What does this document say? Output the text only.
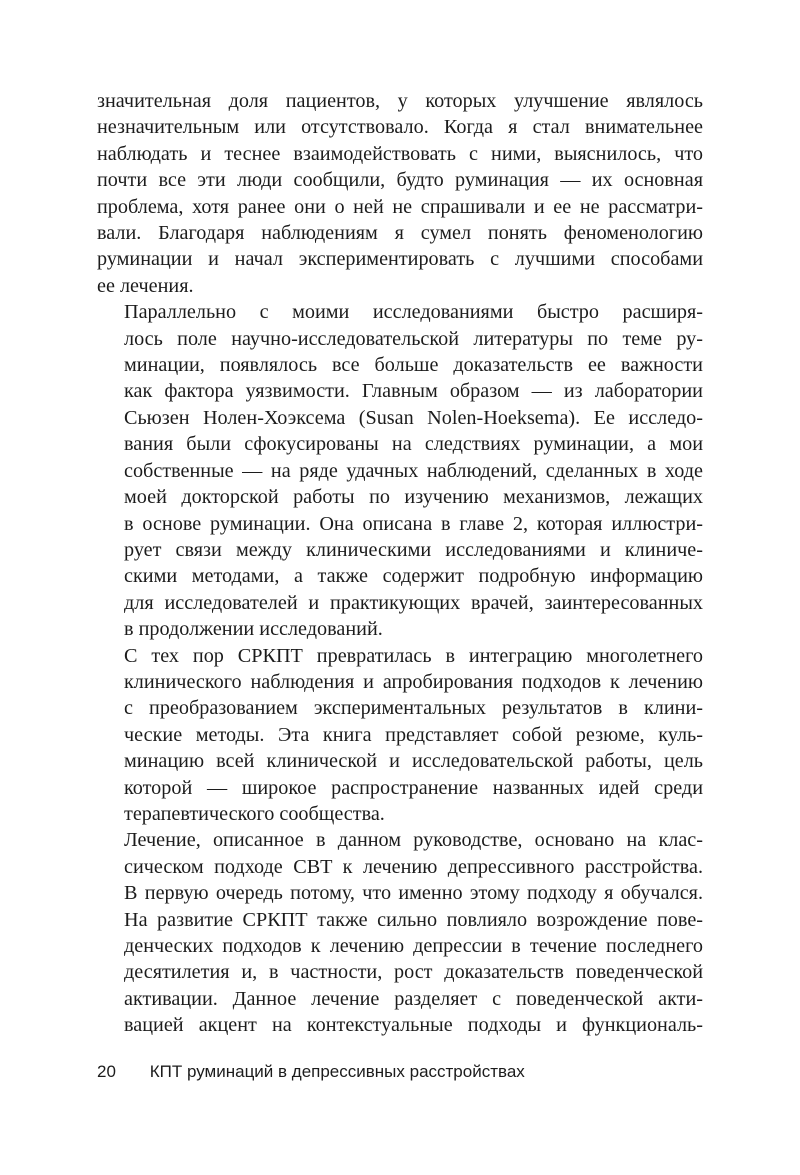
значительная доля пациентов, у которых улучшение являлось
незначительным или отсутствовало. Когда я стал внимательнее
наблюдать и теснее взаимодействовать с ними, выяснилось, что
почти все эти люди сообщили, будто руминация — их основная
проблема, хотя ранее они о ней не спрашивали и ее не рассматри-
вали. Благодаря наблюдениям я сумел понять феноменологию
руминации и начал экспериментировать с лучшими способами
ее лечения.

Параллельно с моими исследованиями быстро расширя-
лось поле научно-исследовательской литературы по теме ру-
минации, появлялось все больше доказательств ее важности
как фактора уязвимости. Главным образом — из лаборатории
Сьюзен Нолен-Хоэксема (Susan Nolen-Hoeksema). Ее исследо-
вания были сфокусированы на следствиях руминации, а мои
собственные — на ряде удачных наблюдений, сделанных в ходе
моей докторской работы по изучению механизмов, лежащих
в основе руминации. Она описана в главе 2, которая иллюстри-
рует связи между клиническими исследованиями и клиниче-
скими методами, а также содержит подробную информацию
для исследователей и практикующих врачей, заинтересованных
в продолжении исследований.

С тех пор СРКПТ превратилась в интеграцию многолетнего
клинического наблюдения и апробирования подходов к лечению
с преобразованием экспериментальных результатов в клини-
ческие методы. Эта книга представляет собой резюме, куль-
минацию всей клинической и исследовательской работы, цель
которой — широкое распространение названных идей среди
терапевтического сообщества.

Лечение, описанное в данном руководстве, основано на клас-
сическом подходе CBT к лечению депрессивного расстройства.
В первую очередь потому, что именно этому подходу я обучался.
На развитие СРКПТ также сильно повлияло возрождение пове-
денческих подходов к лечению депрессии в течение последнего
десятилетия и, в частности, рост доказательств поведенческой
активации. Данное лечение разделяет с поведенческой акти-
вацией акцент на контекстуальные подходы и функциональ-

20 КПТ руминаций в депрессивных расстройствах
